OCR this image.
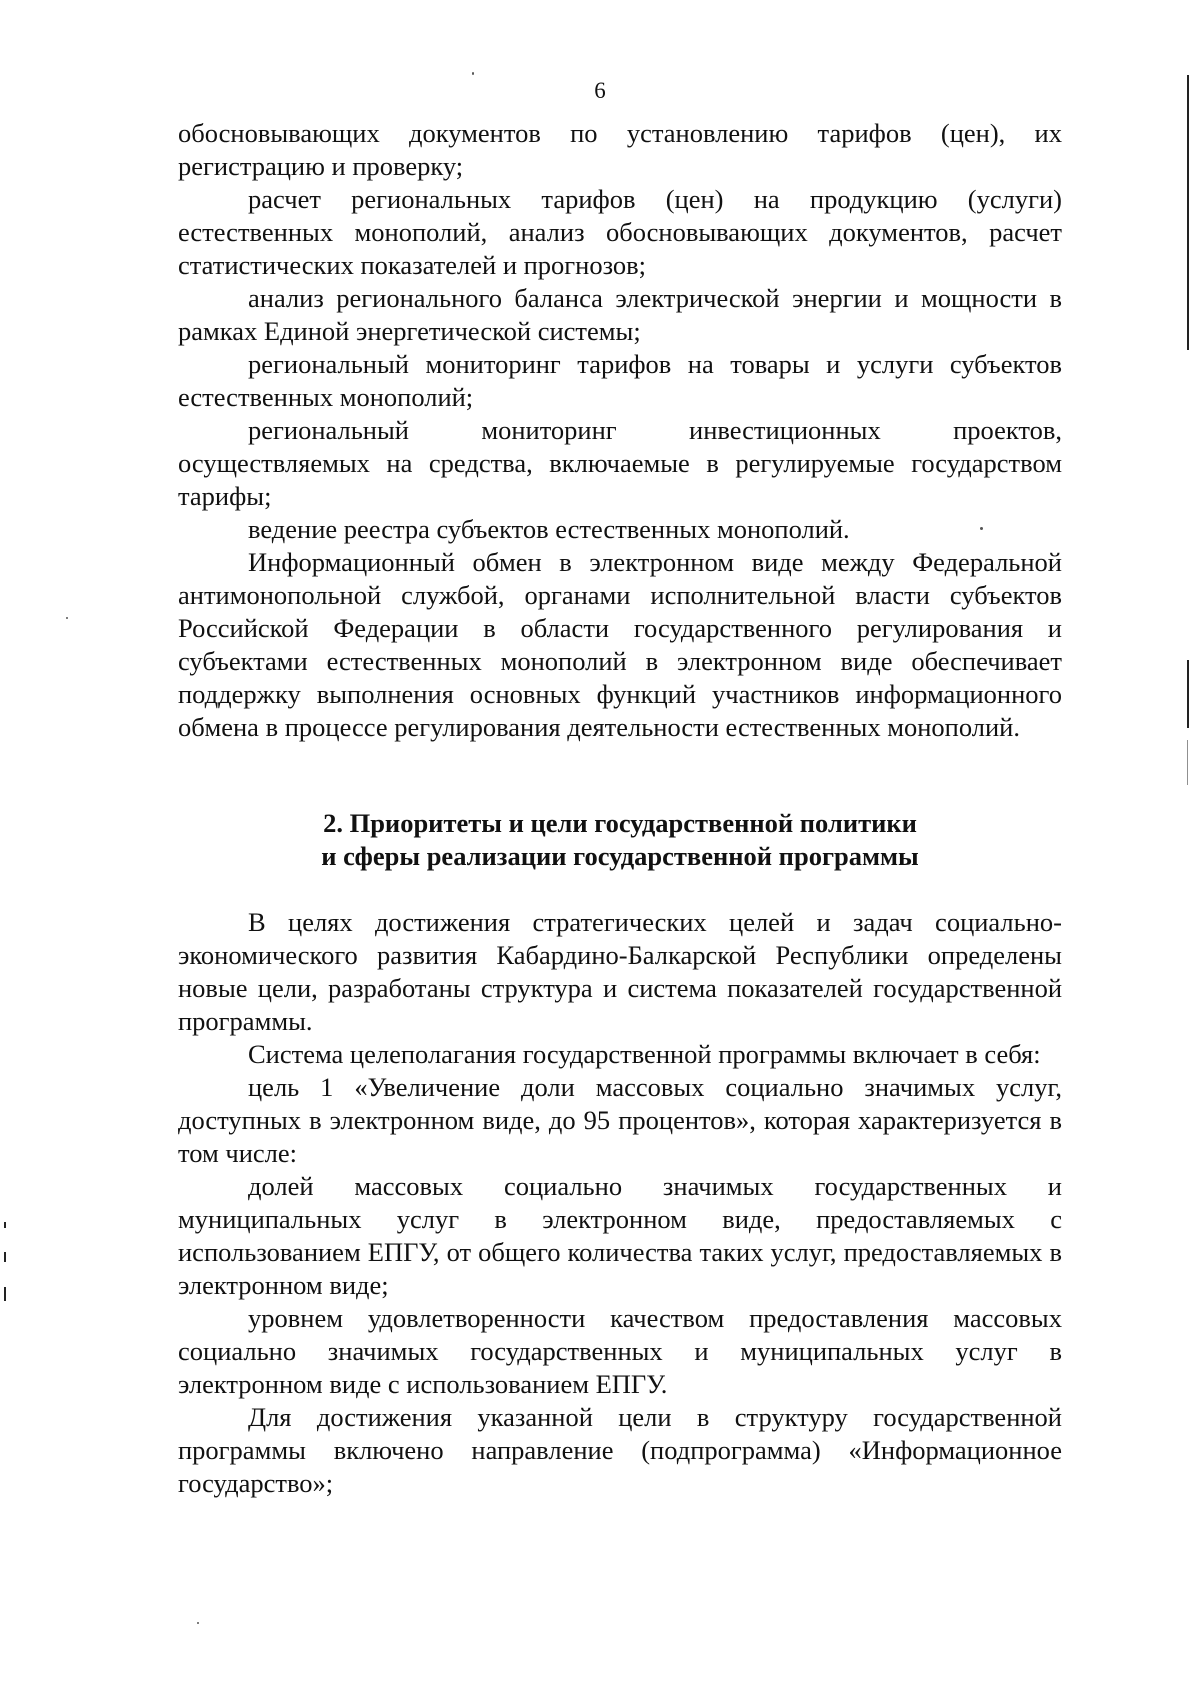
6

обосновывающих документов по установлению тарифов (цен), их регистрацию и проверку;

расчет региональных тарифов (цен) на продукцию (услуги) естественных монополий, анализ обосновывающих документов, расчет статистических показателей и прогнозов;

анализ регионального баланса электрической энергии и мощности в рамках Единой энергетической системы;

региональный мониторинг тарифов на товары и услуги субъектов естественных монополий;

региональный мониторинг инвестиционных проектов, осуществляемых на средства, включаемые в регулируемые государством тарифы;

ведение реестра субъектов естественных монополий.

Информационный обмен в электронном виде между Федеральной антимонопольной службой, органами исполнительной власти субъектов Российской Федерации в области государственного регулирования и субъектами естественных монополий в электронном виде обеспечивает поддержку выполнения основных функций участников информационного обмена в процессе регулирования деятельности естественных монополий.

2. Приоритеты и цели государственной политики
и сферы реализации государственной программы

В целях достижения стратегических целей и задач социально-экономического развития Кабардино-Балкарской Республики определены новые цели, разработаны структура и система показателей государственной программы.

Система целеполагания государственной программы включает в себя:

цель 1 «Увеличение доли массовых социально значимых услуг, доступных в электронном виде, до 95 процентов», которая характеризуется в том числе:

долей массовых социально значимых государственных и муниципальных услуг в электронном виде, предоставляемых с использованием ЕПГУ, от общего количества таких услуг, предоставляемых в электронном виде;

уровнем удовлетворенности качеством предоставления массовых социально значимых государственных и муниципальных услуг в электронном виде с использованием ЕПГУ.

Для достижения указанной цели в структуру государственной программы включено направление (подпрограмма) «Информационное государство»;
